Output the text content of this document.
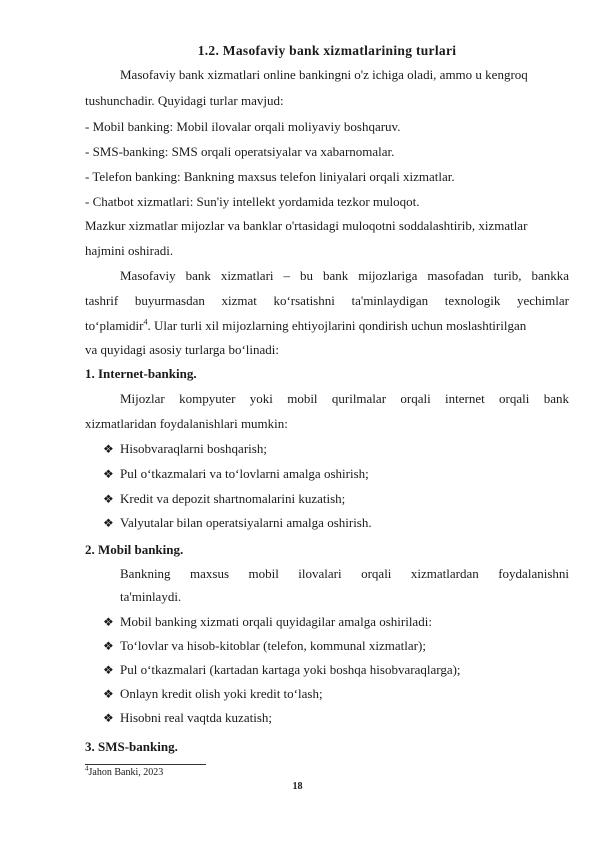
1.2. Masofaviy bank xizmatlarining turlari
Masofaviy bank xizmatlari online bankingni o'z ichiga oladi, ammo u kengroq
tushunchadir. Quyidagi turlar mavjud:
- Mobil banking: Mobil ilovalar orqali moliyaviy boshqaruv.
- SMS-banking: SMS orqali operatsiyalar va xabarnomalar.
- Telefon banking: Bankning maxsus telefon liniyalari orqali xizmatlar.
- Chatbot xizmatlari: Sun'iy intellekt yordamida tezkor muloqot.
Mazkur xizmatlar mijozlar va banklar o'rtasidagi muloqotni soddalashtirib, xizmatlar
hajmini oshiradi.
Masofaviy bank xizmatlari – bu bank mijozlariga masofadan turib, bankka
tashrif buyurmasdan xizmat ko‘rsatishni ta'minlaydigan texnologik yechimlar
to‘plamidir$^4$. Ular turli xil mijozlarning ehtiyojlarini qondirish uchun moslashtirilgan
va quyidagi asosiy turlarga bo‘linadi:
1. Internet-banking.
Mijozlar kompyuter yoki mobil qurilmalar orqali internet orqali bank
xizmatlaridan foydalanishlari mumkin:
❖ Hisobvaraqlarni boshqarish;
❖ Pul o‘tkazmalari va to‘lovlarni amalga oshirish;
❖ Kredit va depozit shartnomalarini kuzatish;
❖ Valyutalar bilan operatsiyalarni amalga oshirish.
2. Mobil banking.
Bankning maxsus mobil ilovalari orqali xizmatlardan foydalanishni
ta'minlaydi.
❖ Mobil banking xizmati orqali quyidagilar amalga oshiriladi:
❖ To‘lovlar va hisob-kitoblar (telefon, kommunal xizmatlar);
❖ Pul o‘tkazmalari (kartadan kartaga yoki boshqa hisobvaraqlarga);
❖ Onlayn kredit olish yoki kredit to‘lash;
❖ Hisobni real vaqtda kuzatish;
3. SMS-banking.
$^4$Jahon Banki, 2023
18
